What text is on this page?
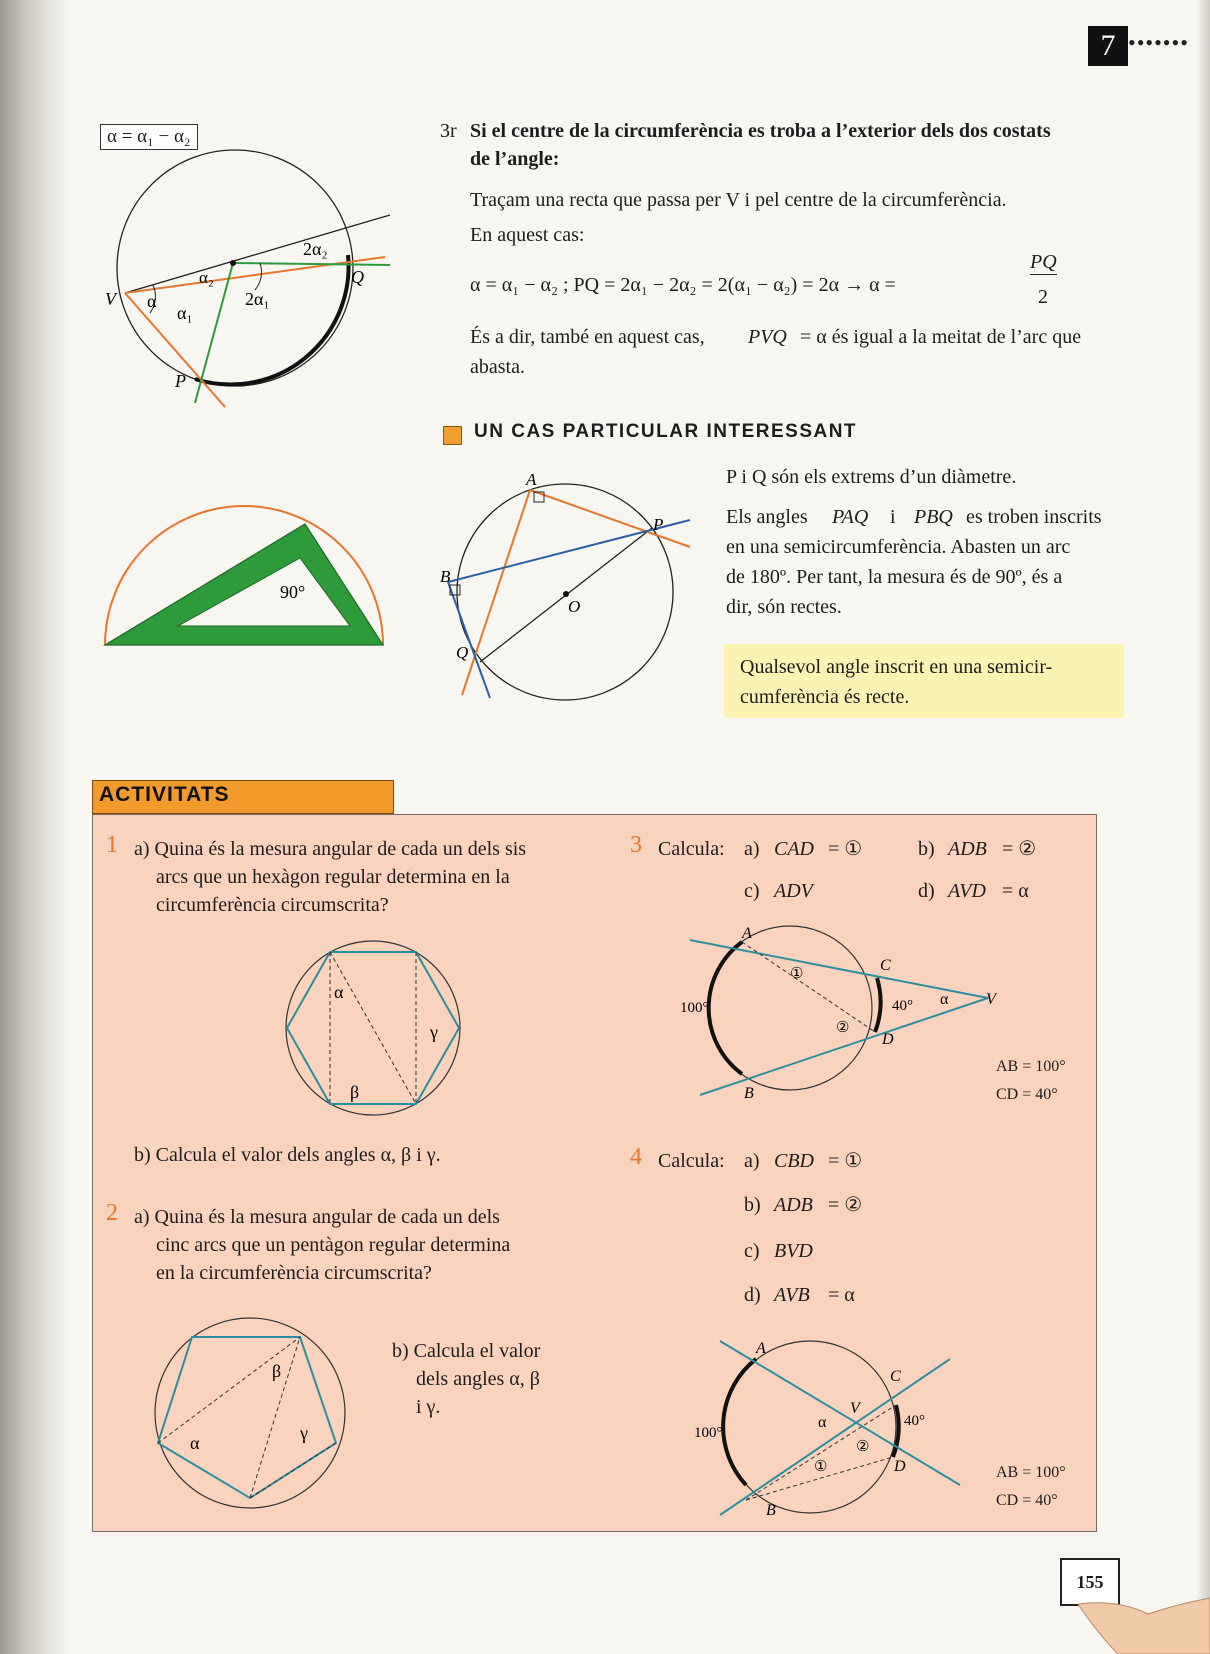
7 •••••••
α = α₁ − α₂
V
P
Q
α
α₁
α₂
2α₁
2α₂
3r Si el centre de la circumferència es troba a l’exterior dels dos costats
de l’angle:
Traçam una recta que passa per V i pel centre de la circumferència.
En aquest cas:
α = α₁ − α₂ ; PQ = 2α₁ − 2α₂ = 2(α₁ − α₂) = 2α → α =
PQ
2
És a dir, també en aquest cas, PVQ = α és igual a la meitat de l’arc que
abasta.
UN CAS PARTICULAR INTERESSANT
90°
A
B
P
Q
O
P i Q són els extrems d’un diàmetre.
Els angles PAQ i PBQ es troben inscrits
en una semicircumferència. Abasten un arc
de 180º. Per tant, la mesura és de 90º, és a
dir, són rectes.
Qualsevol angle inscrit en una semicir-
cumferència és recte.
ACTIVITATS
1 a) Quina és la mesura angular de cada un dels sis
arcs que un hexàgon regular determina en la
circumferència circumscrita?
α
β
γ
b) Calcula el valor dels angles α, β i γ.
2 a) Quina és la mesura angular de cada un dels
cinc arcs que un pentàgon regular determina
en la circumferència circumscrita?
α
β
γ
b) Calcula el valor
dels angles α, β
i γ.
3 Calcula: a) CAD = ①	b) ADB = ②
c) ADV	d) AVD = α
A
B
C
D
V
100°	40° α
①
②
AB = 100°
CD = 40°
4 Calcula: a) CBD = ①
b) ADB = ②
c) BVD
d) AVB = α
A
B
C
D
V
100°
40°
α
①
②
AB = 100°
CD = 40°
155
